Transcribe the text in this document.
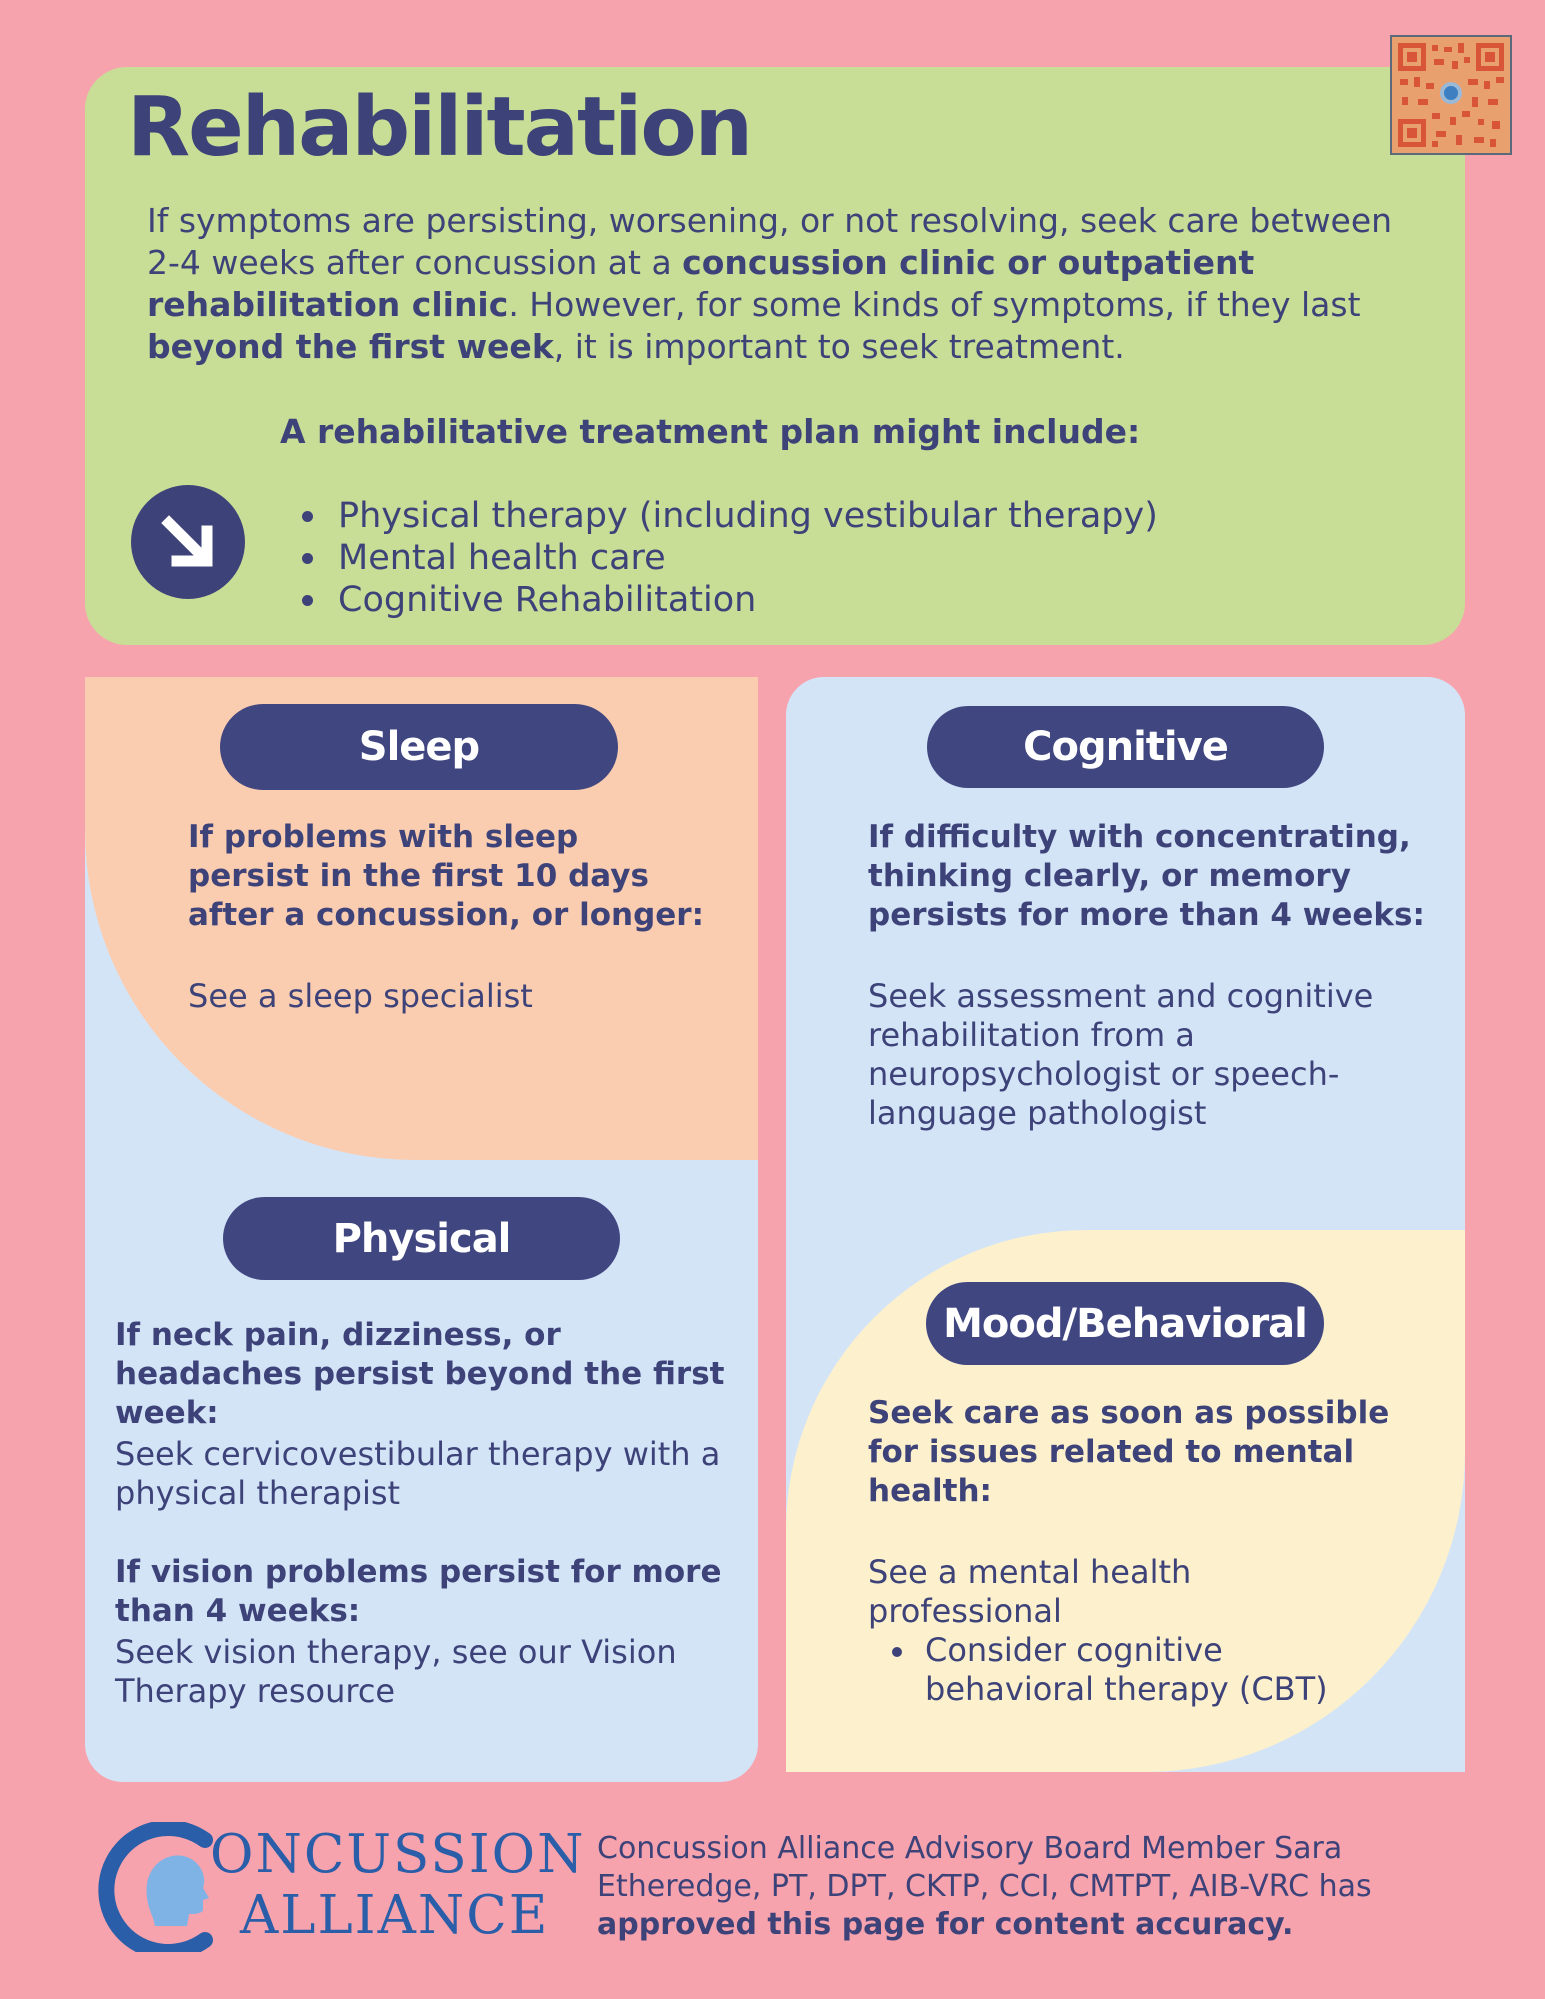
Rehabilitation

If symptoms are persisting, worsening, or not resolving, seek care between 2-4 weeks after concussion at a concussion clinic or outpatient rehabilitation clinic. However, for some kinds of symptoms, if they last beyond the first week, it is important to seek treatment.

A rehabilitative treatment plan might include:
Physical therapy (including vestibular therapy)
Mental health care
Cognitive Rehabilitation
Sleep

If problems with sleep persist in the first 10 days after a concussion, or longer:

See a sleep specialist

Physical

If neck pain, dizziness, or headaches persist beyond the first week:

Seek cervicovestibular therapy with a physical therapist

If vision problems persist for more than 4 weeks:

Seek vision therapy, see our Vision Therapy resource

Cognitive

If difficulty with concentrating, thinking clearly, or memory persists for more than 4 weeks:

Seek assessment and cognitive rehabilitation from a neuropsychologist or speech-language pathologist

Mood/Behavioral

Seek care as soon as possible for issues related to mental health:

See a mental health professional

Consider cognitive behavioral therapy (CBT)
ONCUSSION
ALLIANCE

Concussion Alliance Advisory Board Member Sara Etheredge, PT, DPT, CKTP, CCI, CMTPT, AIB-VRC has approved this page for content accuracy.
